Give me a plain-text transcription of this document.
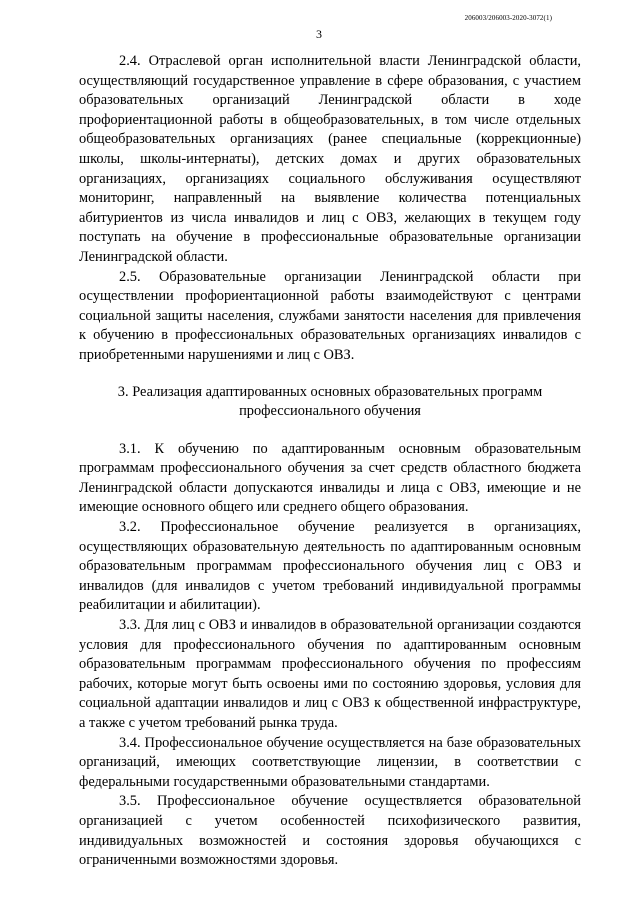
206003/206003-2020-3072(1)
3

2.4. Отраслевой орган исполнительной власти Ленинградской области, осуществляющий государственное управление в сфере образования, с участием образовательных организаций Ленинградской области в ходе профориентационной работы в общеобразовательных, в том числе отдельных общеобразовательных организациях (ранее специальные (коррекционные) школы, школы-интернаты), детских домах и других образовательных организациях, организациях социального обслуживания осуществляют мониторинг, направленный на выявление количества потенциальных абитуриентов из числа инвалидов и лиц с ОВЗ, желающих в текущем году поступать на обучение в профессиональные образовательные организации Ленинградской области.

2.5. Образовательные организации Ленинградской области при осуществлении профориентационной работы взаимодействуют с центрами социальной защиты населения, службами занятости населения для привлечения к обучению в профессиональных образовательных организациях инвалидов с приобретенными нарушениями и лиц с ОВЗ.

3. Реализация адаптированных основных образовательных программ
профессионального обучения

3.1. К обучению по адаптированным основным образовательным программам профессионального обучения за счет средств областного бюджета Ленинградской области допускаются инвалиды и лица с ОВЗ, имеющие и не имеющие основного общего или среднего общего образования.

3.2. Профессиональное обучение реализуется в организациях, осуществляющих образовательную деятельность по адаптированным основным образовательным программам профессионального обучения лиц с ОВЗ и инвалидов (для инвалидов с учетом требований индивидуальной программы реабилитации и абилитации).

3.3. Для лиц с ОВЗ и инвалидов в образовательной организации создаются условия для профессионального обучения по адаптированным основным образовательным программам профессионального обучения по профессиям рабочих, которые могут быть освоены ими по состоянию здоровья, условия для социальной адаптации инвалидов и лиц с ОВЗ к общественной инфраструктуре, а также с учетом требований рынка труда.

3.4. Профессиональное обучение осуществляется на базе образовательных организаций, имеющих соответствующие лицензии, в соответствии с федеральными государственными образовательными стандартами.

3.5. Профессиональное обучение осуществляется образовательной организацией с учетом особенностей психофизического развития, индивидуальных возможностей и состояния здоровья обучающихся с ограниченными возможностями здоровья.
